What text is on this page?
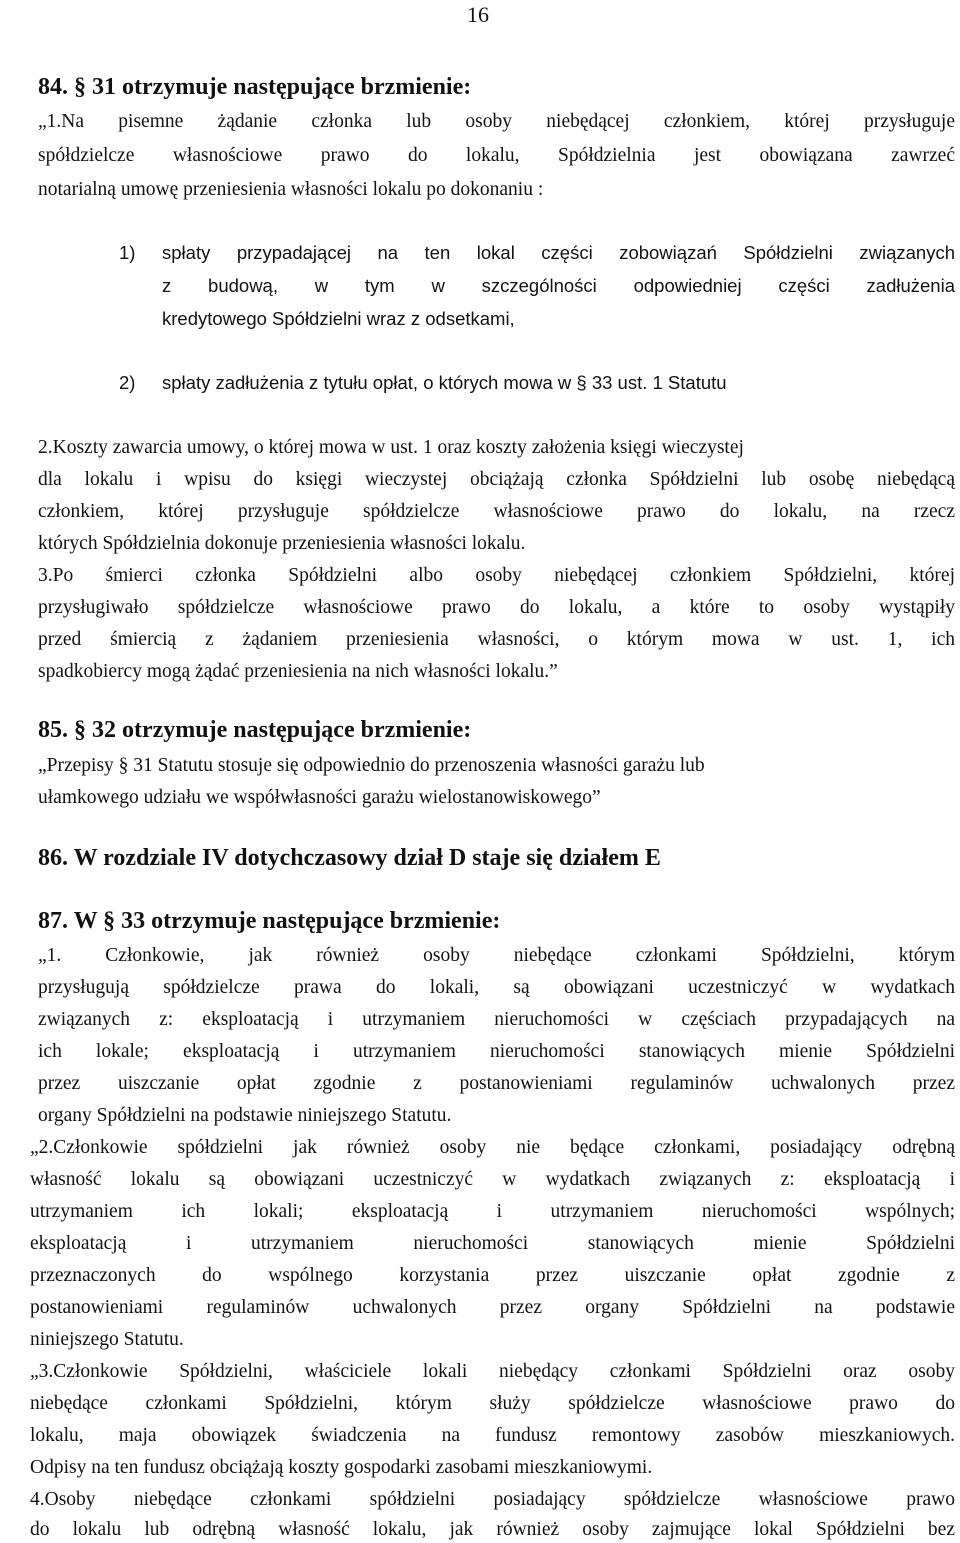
16
84. § 31 otrzymuje następujące brzmienie:
„1.Na pisemne żądanie członka lub osoby niebędącej członkiem, której przysługuje
spółdzielcze własnościowe prawo do lokalu, Spółdzielnia jest obowiązana zawrzeć
notarialną umowę przeniesienia własności lokalu po dokonaniu :
1) spłaty przypadającej na ten lokal części zobowiązań Spółdzielni związanych
z budową, w tym w szczególności odpowiedniej części zadłużenia
kredytowego Spółdzielni wraz z odsetkami,
2) spłaty zadłużenia z tytułu opłat, o których mowa w § 33 ust. 1 Statutu
2.Koszty zawarcia umowy, o której mowa w ust. 1 oraz koszty założenia księgi wieczystej
dla lokalu i wpisu do księgi wieczystej obciążają członka Spółdzielni lub osobę niebędącą
członkiem, której przysługuje spółdzielcze własnościowe prawo do lokalu, na rzecz
których Spółdzielnia dokonuje przeniesienia własności lokalu.
3.Po śmierci członka Spółdzielni albo osoby niebędącej członkiem Spółdzielni, której
przysługiwało spółdzielcze własnościowe prawo do lokalu, a które to osoby wystąpiły
przed śmiercią z żądaniem przeniesienia własności, o którym mowa w ust. 1, ich
spadkobiercy mogą żądać przeniesienia na nich własności lokalu.”
85. § 32 otrzymuje następujące brzmienie:
„Przepisy § 31 Statutu stosuje się odpowiednio do przenoszenia własności garażu lub
ułamkowego udziału we współwłasności garażu wielostanowiskowego”
86. W rozdziale IV dotychczasowy dział D staje się działem E
87. W § 33 otrzymuje następujące brzmienie:
„1. Członkowie, jak również osoby niebędące członkami Spółdzielni, którym
przysługują spółdzielcze prawa do lokali, są obowiązani uczestniczyć w wydatkach
związanych z: eksploatacją i utrzymaniem nieruchomości w częściach przypadających na
ich lokale; eksploatacją i utrzymaniem nieruchomości stanowiących mienie Spółdzielni
przez uiszczanie opłat zgodnie z postanowieniami regulaminów uchwalonych przez
organy Spółdzielni na podstawie niniejszego Statutu.
„2.Członkowie spółdzielni jak również osoby nie będące członkami, posiadający odrębną
własność lokalu są obowiązani uczestniczyć w wydatkach związanych z: eksploatacją i
utrzymaniem ich lokali; eksploatacją i utrzymaniem nieruchomości wspólnych;
eksploatacją i utrzymaniem nieruchomości stanowiących mienie Spółdzielni
przeznaczonych do wspólnego korzystania przez uiszczanie opłat zgodnie z
postanowieniami regulaminów uchwalonych przez organy Spółdzielni na podstawie
niniejszego Statutu.
„3.Członkowie Spółdzielni, właściciele lokali niebędący członkami Spółdzielni oraz osoby
niebędące członkami Spółdzielni, którym służy spółdzielcze własnościowe prawo do
lokalu, maja obowiązek świadczenia na fundusz remontowy zasobów mieszkaniowych.
Odpisy na ten fundusz obciążają koszty gospodarki zasobami mieszkaniowymi.
4.Osoby niebędące członkami spółdzielni posiadający spółdzielcze własnościowe prawo
do lokalu lub odrębną własność lokalu, jak również osoby zajmujące lokal Spółdzielni bez
